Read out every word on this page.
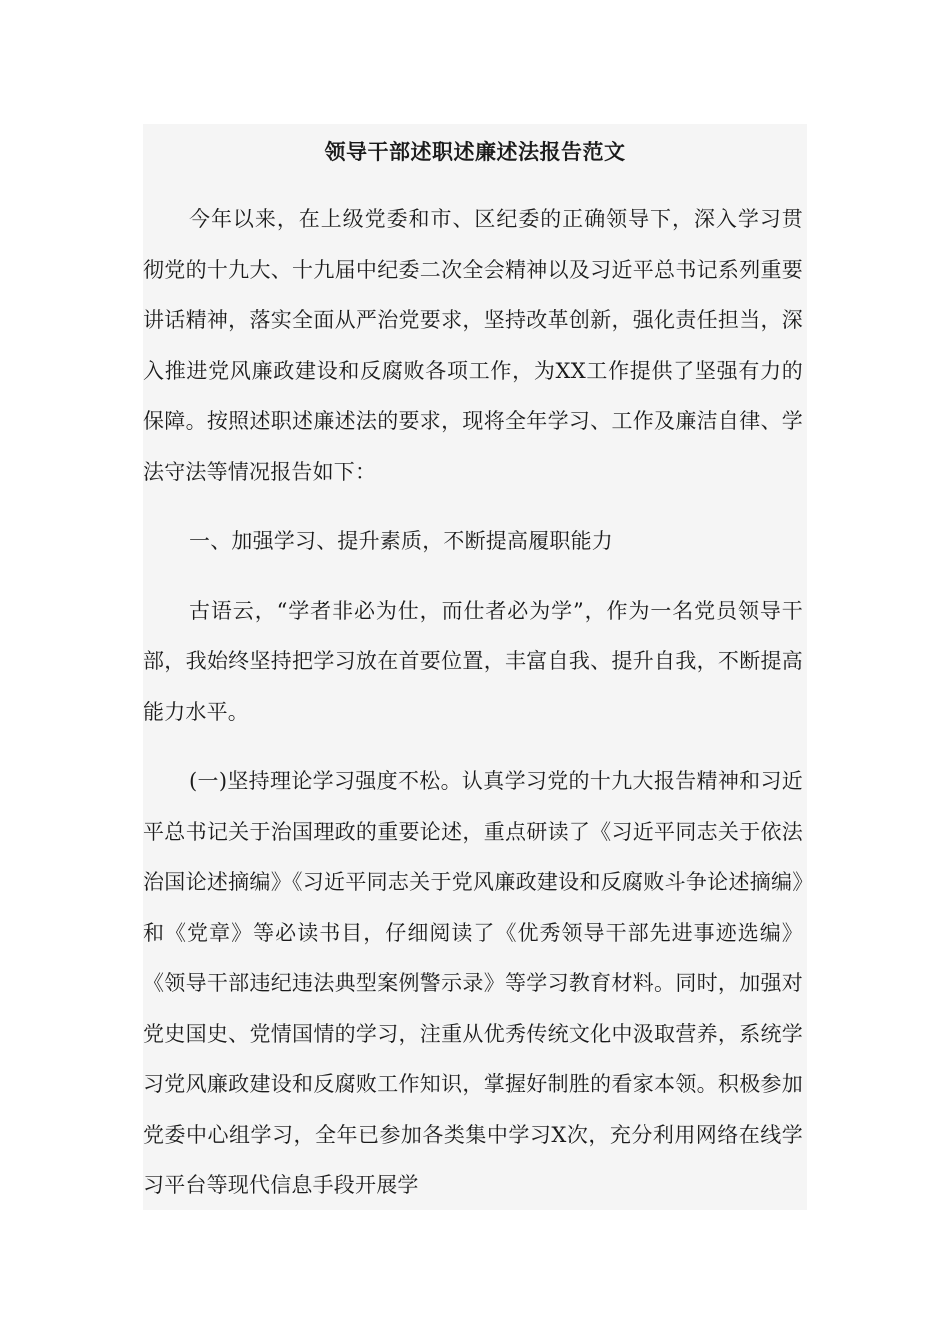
领导干部述职述廉述法报告范文

今年以来，在上级党委和市、区纪委的正确领导下，深入学习贯彻党的十九大、十九届中纪委二次全会精神以及习近平总书记系列重要讲话精神，落实全面从严治党要求，坚持改革创新，强化责任担当，深入推进党风廉政建设和反腐败各项工作，为XX工作提供了坚强有力的保障。按照述职述廉述法的要求，现将全年学习、工作及廉洁自律、学法守法等情况报告如下：

一、加强学习、提升素质，不断提高履职能力

古语云，“学者非必为仕，而仕者必为学”，作为一名党员领导干部，我始终坚持把学习放在首要位置，丰富自我、提升自我，不断提高能力水平。

(一)坚持理论学习强度不松。认真学习党的十九大报告精神和习近平总书记关于治国理政的重要论述，重点研读了《习近平同志关于依法治国论述摘编》《习近平同志关于党风廉政建设和反腐败斗争论述摘编》和《党章》等必读书目，仔细阅读了《优秀领导干部先进事迹选编》《领导干部违纪违法典型案例警示录》等学习教育材料。同时，加强对党史国史、党情国情的学习，注重从优秀传统文化中汲取营养，系统学习党风廉政建设和反腐败工作知识，掌握好制胜的看家本领。积极参加党委中心组学习，全年已参加各类集中学习X次，充分利用网络在线学习平台等现代信息手段开展学
